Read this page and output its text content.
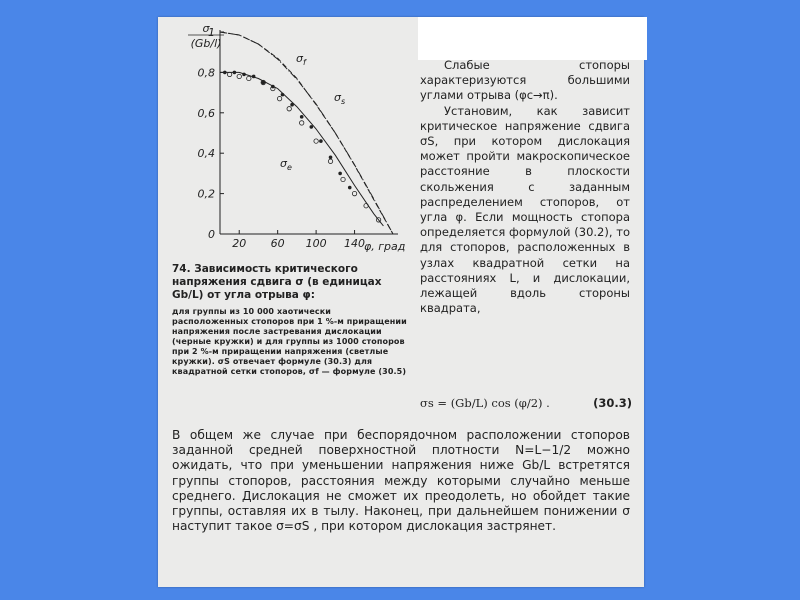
20 60 100 140
0
0,2
0,4
0,6
0,8
1
σ
(Gb/l)
φ, град
$\sigma_f$
$\sigma_s$
$\sigma_e$
74. Зависимость критического напряжения сдвига σ (в единицах Gb/L) от угла отрыва φ:
для группы из 10 000 хаотически расположенных стопоров при 1 %-м приращении напряжения после застревания дислокации (черные кружки) и для группы из 1000 стопоров при 2 %-м приращении напряжения (светлые кружки). σS отвечает формуле (30.3) для квадратной сетки стопоров, σf — формуле (30.5)

Слабые стопоры характеризуются большими углами отрыва (φc→π).

Установим, как зависит критическое напряжение сдвига σS, при котором дислокация может пройти макроскопическое расстояние в плоскости скольжения с заданным распределением стопоров, от угла φ. Если мощность стопора определяется формулой (30.2), то для стопоров, расположенных в узлах квадратной сетки на расстояниях L, и дислокации, лежащей вдоль стороны квадрата,

σs = (Gb/L) cos (φ/2) .	(30.3)
В общем же случае при беспорядочном расположении стопоров заданной средней поверхностной плотности N=L−1/2 можно ожидать, что при уменьшении напряжения ниже Gb/L встретятся группы стопоров, расстояния между которыми случайно меньше среднего. Дислокация не сможет их преодолеть, но обойдет такие группы, оставляя их в тылу. Наконец, при дальнейшем понижении σ наступит такое σ=σS , при котором дислокация застрянет.
